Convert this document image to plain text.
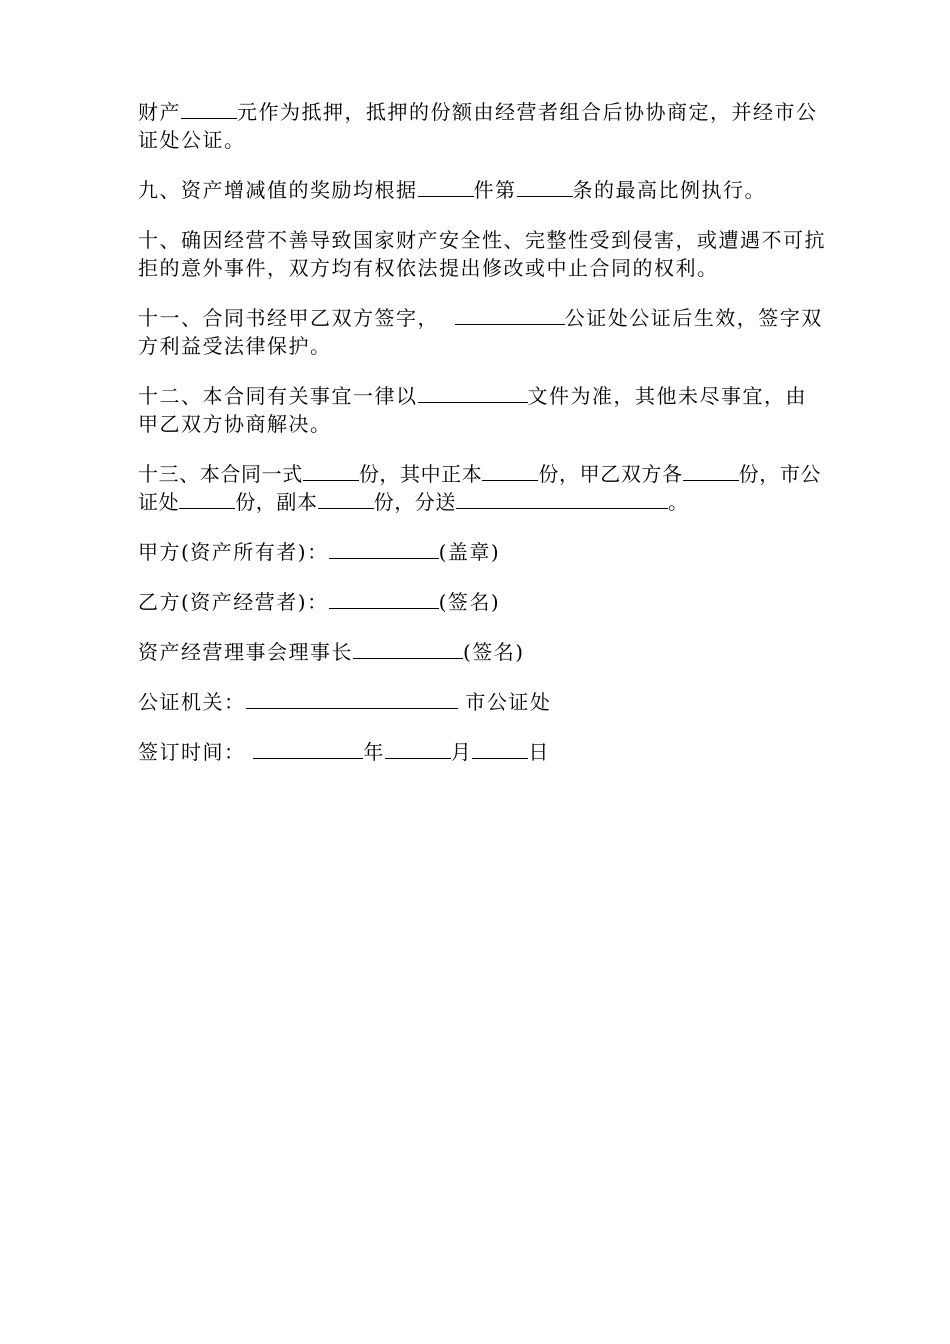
财产	元作为抵押，抵押的份额由经营者组合后协协商定，并经市公证处公证。

九、资产增减值的奖励均根据	件第	条的最高比例执行。

十、确因经营不善导致国家财产安全性、完整性受到侵害，或遭遇不可抗拒的意外事件，双方均有权依法提出修改或中止合同的权利。

十一、合同书经甲乙双方签字，	公证处公证后生效，签字双方利益受法律保护。

十二、本合同有关事宜一律以	文件为准，其他未尽事宜，由甲乙双方协商解决。

十三、本合同一式	份，其中正本	份，甲乙双方各	份，市公证处	份，副本	份，分送	。

甲方(资产所有者)：	(盖章)

乙方(资产经营者)：	(签名)

资产经营理事会理事长	(签名)

公证机关：	市公证处

签订时间：	年	月	日
